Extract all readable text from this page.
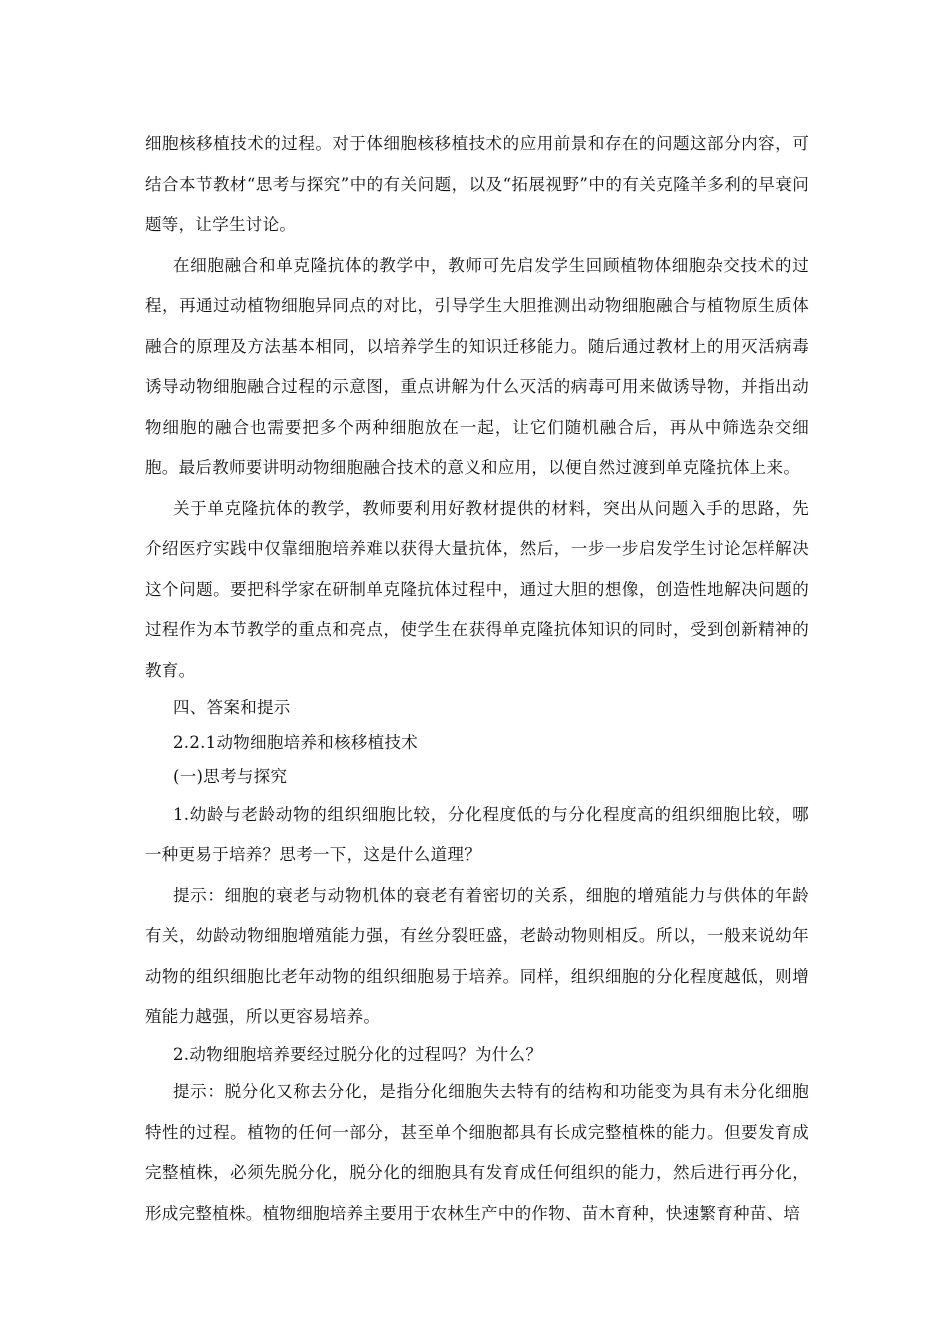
细胞核移植技术的过程。对于体细胞核移植技术的应用前景和存在的问题这部分内容，可结合本节教材“思考与探究”中的有关问题，以及“拓展视野”中的有关克隆羊多利的早衰问题等，让学生讨论。

在细胞融合和单克隆抗体的教学中，教师可先启发学生回顾植物体细胞杂交技术的过程，再通过动植物细胞异同点的对比，引导学生大胆推测出动物细胞融合与植物原生质体融合的原理及方法基本相同，以培养学生的知识迁移能力。随后通过教材上的用灭活病毒诱导动物细胞融合过程的示意图，重点讲解为什么灭活的病毒可用来做诱导物，并指出动物细胞的融合也需要把多个两种细胞放在一起，让它们随机融合后，再从中筛选杂交细胞。最后教师要讲明动物细胞融合技术的意义和应用，以便自然过渡到单克隆抗体上来。

关于单克隆抗体的教学，教师要利用好教材提供的材料，突出从问题入手的思路，先介绍医疗实践中仅靠细胞培养难以获得大量抗体，然后，一步一步启发学生讨论怎样解决这个问题。要把科学家在研制单克隆抗体过程中，通过大胆的想像，创造性地解决问题的过程作为本节教学的重点和亮点，使学生在获得单克隆抗体知识的同时，受到创新精神的教育。

四、答案和提示

2.2.1动物细胞培养和核移植技术

(一)思考与探究

1.幼龄与老龄动物的组织细胞比较，分化程度低的与分化程度高的组织细胞比较，哪一种更易于培养？思考一下，这是什么道理？

提示：细胞的衰老与动物机体的衰老有着密切的关系，细胞的增殖能力与供体的年龄有关，幼龄动物细胞增殖能力强，有丝分裂旺盛，老龄动物则相反。所以，一般来说幼年动物的组织细胞比老年动物的组织细胞易于培养。同样，组织细胞的分化程度越低，则增殖能力越强，所以更容易培养。

2.动物细胞培养要经过脱分化的过程吗？为什么？

提示：脱分化又称去分化，是指分化细胞失去特有的结构和功能变为具有未分化细胞特性的过程。植物的任何一部分，甚至单个细胞都具有长成完整植株的能力。但要发育成完整植株，必须先脱分化，脱分化的细胞具有发育成任何组织的能力，然后进行再分化，形成完整植株。植物细胞培养主要用于农林生产中的作物、苗木育种，快速繁育种苗、培
